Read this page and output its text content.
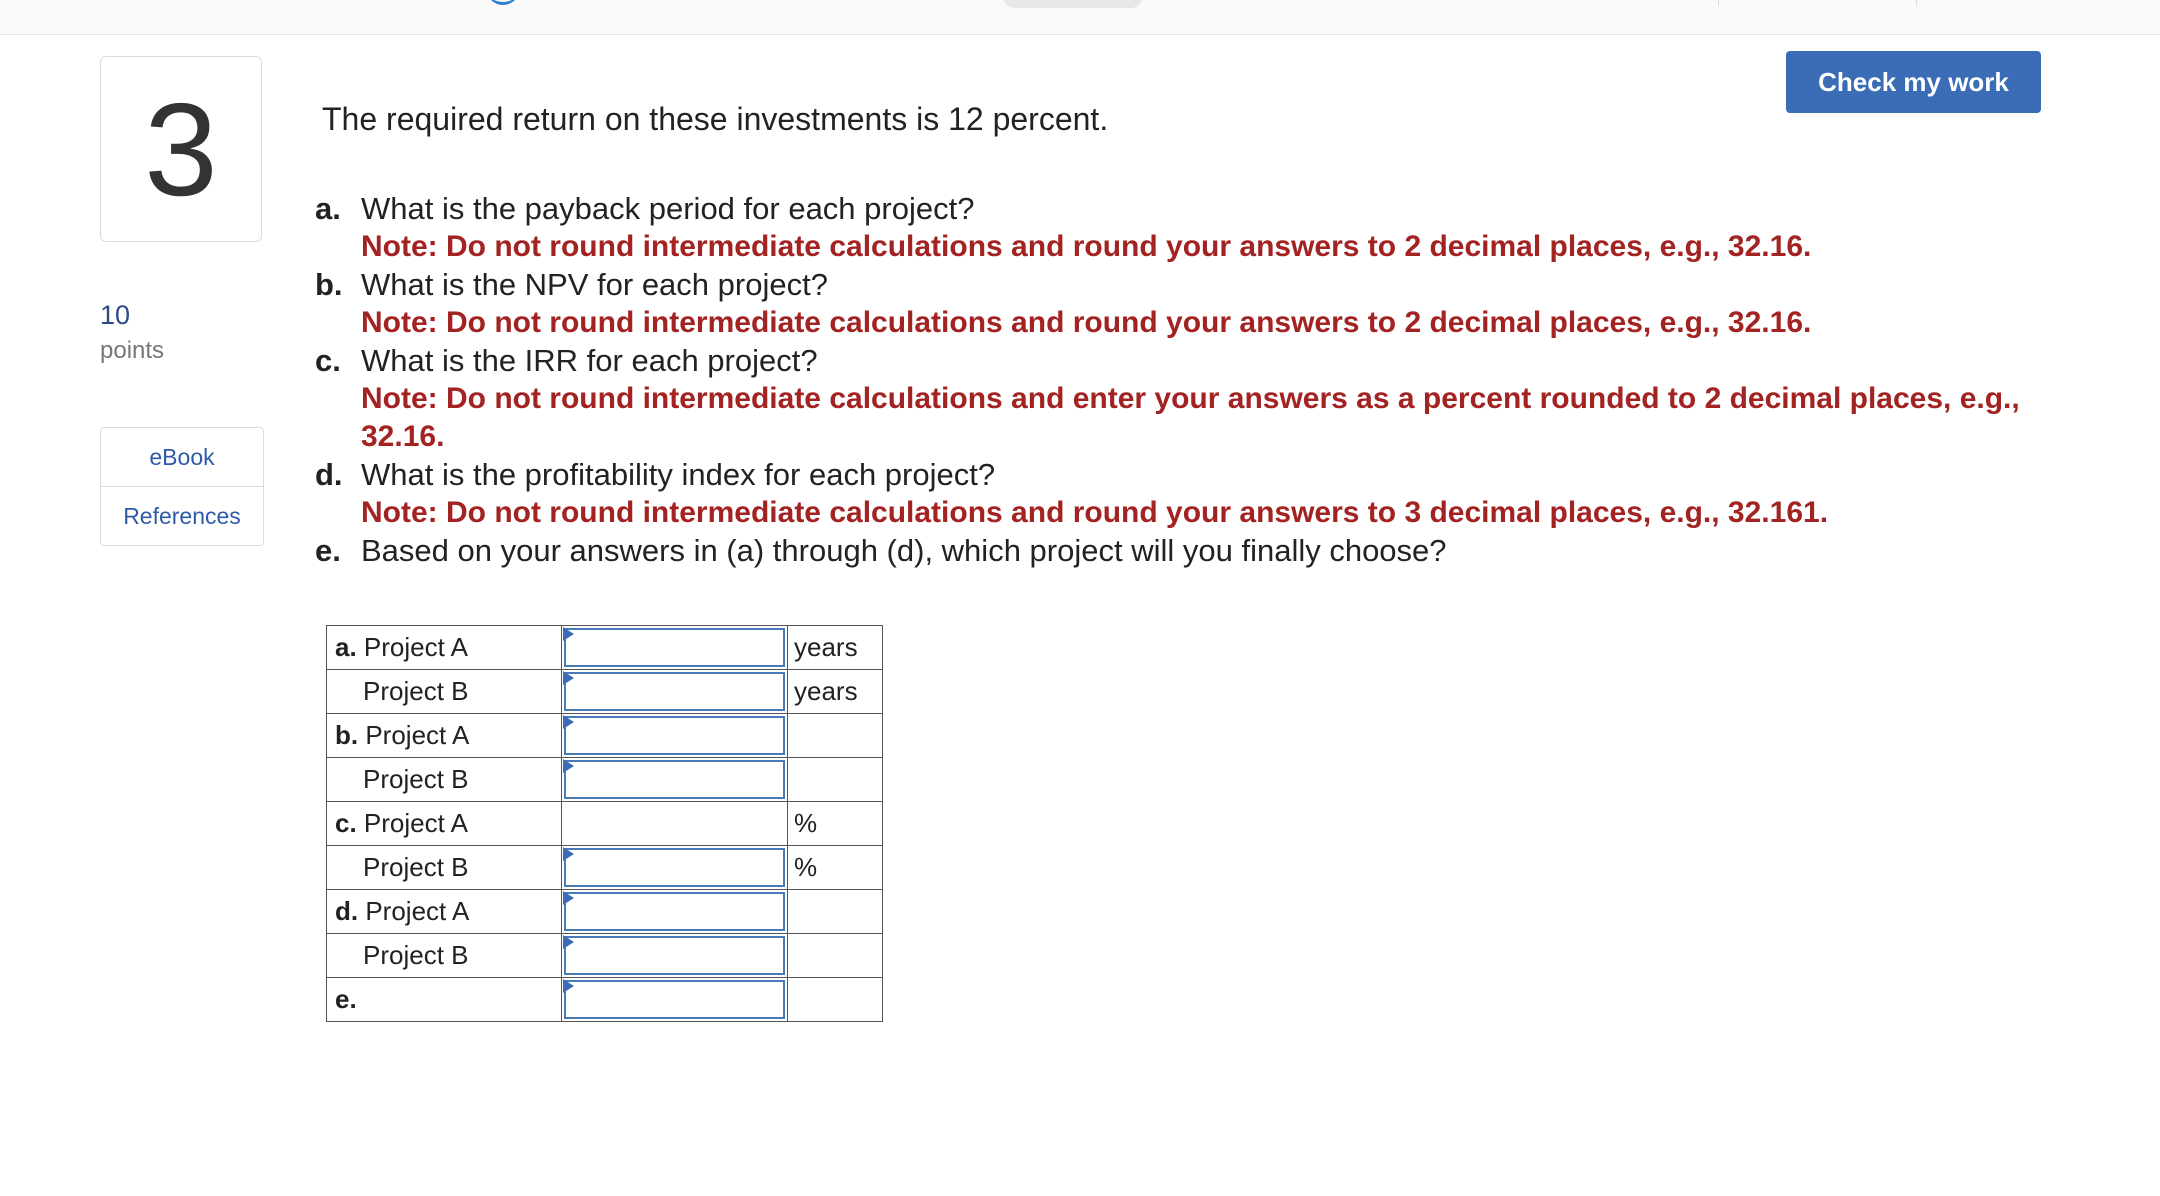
3
10
points
eBook
References
Check my work
The required return on these investments is 12 percent.
a. What is the payback period for each project?
Note: Do not round intermediate calculations and round your answers to 2 decimal places, e.g., 32.16.
b. What is the NPV for each project?
Note: Do not round intermediate calculations and round your answers to 2 decimal places, e.g., 32.16.
c. What is the IRR for each project?
Note: Do not round intermediate calculations and enter your answers as a percent rounded to 2 decimal places, e.g., 32.16.
d. What is the profitability index for each project?
Note: Do not round intermediate calculations and round your answers to 3 decimal places, e.g., 32.161.
e. Based on your answers in (a) through (d), which project will you finally choose?
a. Project A		years
Project B		years
b. Project A	

Project B	

c. Project A		%
Project B		%
d. Project A	

Project B	

e.	
